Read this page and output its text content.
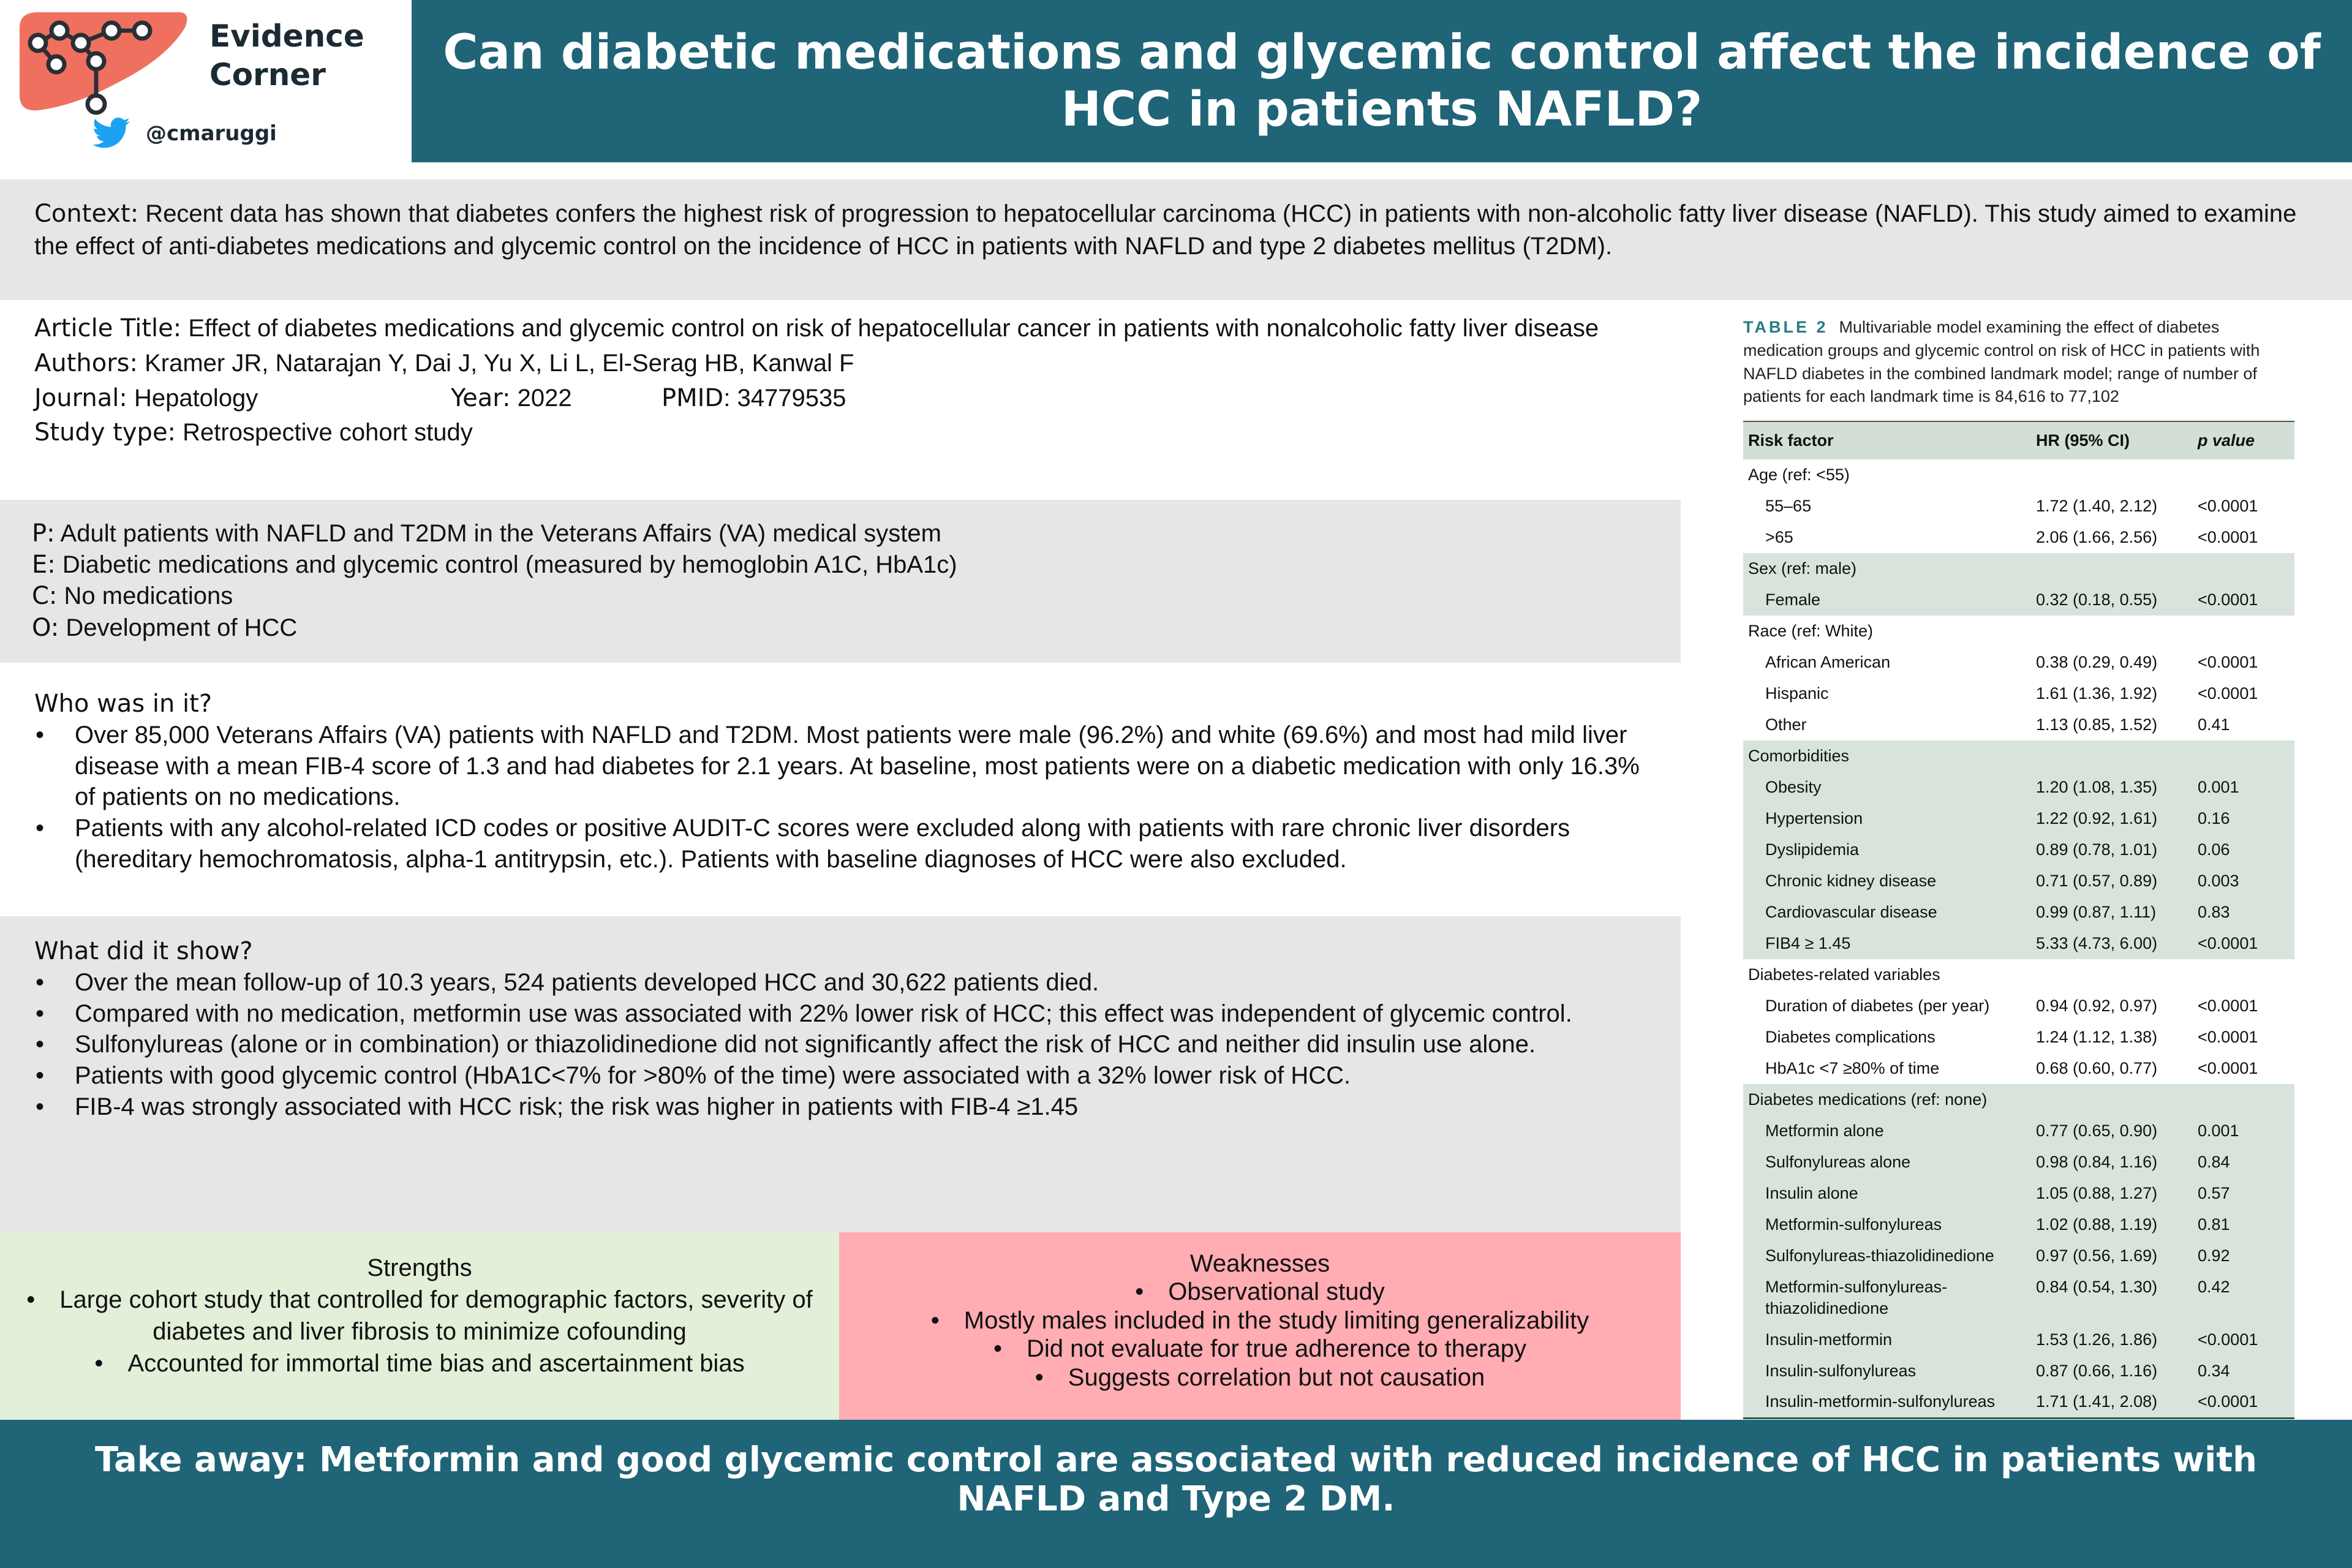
Evidence
Corner
@cmaruggi
Can diabetic medications and glycemic control affect the incidence of HCC in patients NAFLD?

Context: Recent data has shown that diabetes confers the highest risk of progression to hepatocellular carcinoma (HCC) in patients with non-alcoholic fatty liver disease (NAFLD). This study aimed to examine the effect of anti-diabetes medications and glycemic control on the incidence of HCC in patients with NAFLD and type 2 diabetes mellitus (T2DM).

Article Title: Effect of diabetes medications and glycemic control on risk of hepatocellular cancer in patients with nonalcoholic fatty liver disease
Authors: Kramer JR, Natarajan Y, Dai J, Yu X, Li L, El-Serag HB, Kanwal F
Journal: Hepatology	Year: 2022	PMID: 34779535
Study type: Retrospective cohort study
P: Adult patients with NAFLD and T2DM in the Veterans Affairs (VA) medical system
E: Diabetic medications and glycemic control (measured by hemoglobin A1C, HbA1c)
C: No medications
O: Development of HCC
Who was in it?
• Over 85,000 Veterans Affairs (VA) patients with NAFLD and T2DM. Most patients were male (96.2%) and white (69.6%) and most had mild liver disease with a mean FIB-4 score of 1.3 and had diabetes for 2.1 years. At baseline, most patients were on a diabetic medication with only 16.3% of patients on no medications.
• Patients with any alcohol-related ICD codes or positive AUDIT-C scores were excluded along with patients with rare chronic liver disorders (hereditary hemochromatosis, alpha-1 antitrypsin, etc.). Patients with baseline diagnoses of HCC were also excluded.
What did it show?
• Over the mean follow-up of 10.3 years, 524 patients developed HCC and 30,622 patients died.
• Compared with no medication, metformin use was associated with 22% lower risk of HCC; this effect was independent of glycemic control.
• Sulfonylureas (alone or in combination) or thiazolidinedione did not significantly affect the risk of HCC and neither did insulin use alone.
• Patients with good glycemic control (HbA1C<7% for >80% of the time) were associated with a 32% lower risk of HCC.
• FIB-4 was strongly associated with HCC risk; the risk was higher in patients with FIB-4 ≥1.45
Strengths
• Large cohort study that controlled for demographic factors, severity of diabetes and liver fibrosis to minimize cofounding
• Accounted for immortal time bias and ascertainment bias
Weaknesses
• Observational study
• Mostly males included in the study limiting generalizability
• Did not evaluate for true adherence to therapy
• Suggests correlation but not causation
TABLE 2 Multivariable model examining the effect of diabetes medication groups and glycemic control on risk of HCC in patients with NAFLD diabetes in the combined landmark model; range of number of patients for each landmark time is 84,616 to 77,102
Risk factor	HR (95% CI)	p value
Age (ref: <55)		
55–65	1.72 (1.40, 2.12)	<0.0001
>65	2.06 (1.66, 2.56)	<0.0001
Sex (ref: male)		
Female	0.32 (0.18, 0.55)	<0.0001
Race (ref: White)		
African American	0.38 (0.29, 0.49)	<0.0001
Hispanic	1.61 (1.36, 1.92)	<0.0001
Other	1.13 (0.85, 1.52)	0.41
Comorbidities		
Obesity	1.20 (1.08, 1.35)	0.001
Hypertension	1.22 (0.92, 1.61)	0.16
Dyslipidemia	0.89 (0.78, 1.01)	0.06
Chronic kidney disease	0.71 (0.57, 0.89)	0.003
Cardiovascular disease	0.99 (0.87, 1.11)	0.83
FIB4 ≥ 1.45	5.33 (4.73, 6.00)	<0.0001
Diabetes-related variables		
Duration of diabetes (per year)	0.94 (0.92, 0.97)	<0.0001
Diabetes complications	1.24 (1.12, 1.38)	<0.0001
HbA1c <7 ≥80% of time	0.68 (0.60, 0.77)	<0.0001
Diabetes medications (ref: none)		
Metformin alone	0.77 (0.65, 0.90)	0.001
Sulfonylureas alone	0.98 (0.84, 1.16)	0.84
Insulin alone	1.05 (0.88, 1.27)	0.57
Metformin-sulfonylureas	1.02 (0.88, 1.19)	0.81
Sulfonylureas-thiazolidinedione	0.97 (0.56, 1.69)	0.92
Metformin-sulfonylureas-thiazolidinedione	0.84 (0.54, 1.30)	0.42
Insulin-metformin	1.53 (1.26, 1.86)	<0.0001
Insulin-sulfonylureas	0.87 (0.66, 1.16)	0.34
Insulin-metformin-sulfonylureas	1.71 (1.41, 2.08)	<0.0001

Take away: Metformin and good glycemic control are associated with reduced incidence of HCC in patients with NAFLD and Type 2 DM.
